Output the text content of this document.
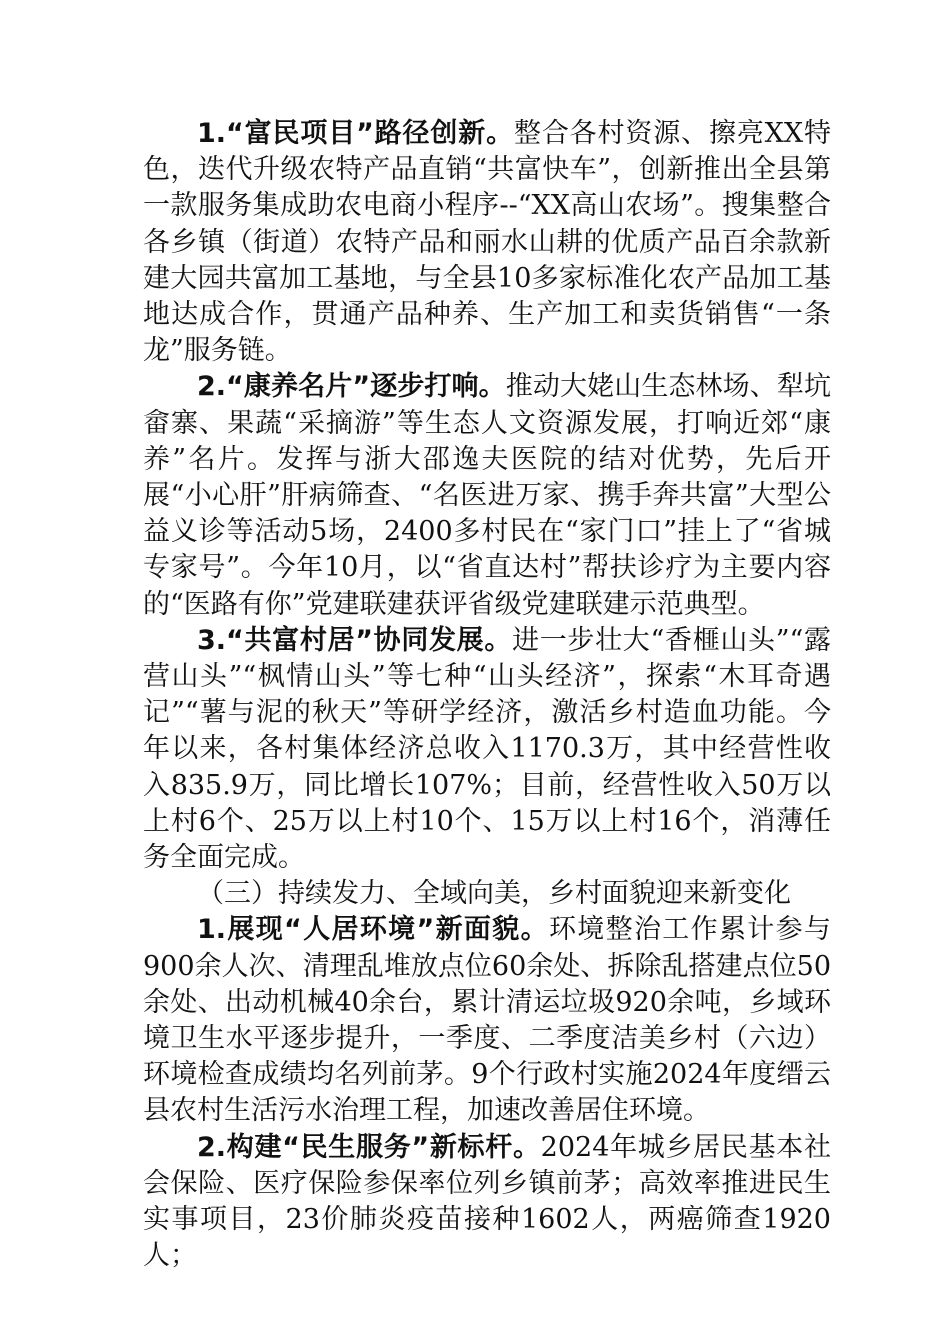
1.“富民项目”路径创新。整合各村资源、擦亮XX特色，迭代升级农特产品直销“共富快车”，创新推出全县第一款服务集成助农电商小程序--“XX高山农场”。搜集整合各乡镇（街道）农特产品和丽水山耕的优质产品百余款新建大园共富加工基地，与全县10多家标准化农产品加工基地达成合作，贯通产品种养、生产加工和卖货销售“一条龙”服务链。

2.“康养名片”逐步打响。推动大姥山生态林场、犁坑畲寨、果蔬“采摘游”等生态人文资源发展，打响近郊“康养”名片。发挥与浙大邵逸夫医院的结对优势，先后开展“小心肝”肝病筛查、“名医进万家、携手奔共富”大型公益义诊等活动5场，2400多村民在“家门口”挂上了“省城专家号”。今年10月，以“省直达村”帮扶诊疗为主要内容的“医路有你”党建联建获评省级党建联建示范典型。

3.“共富村居”协同发展。进一步壮大“香榧山头”“露营山头”“枫情山头”等七种“山头经济”，探索“木耳奇遇记”“薯与泥的秋天”等研学经济，激活乡村造血功能。今年以来，各村集体经济总收入1170.3万，其中经营性收入835.9万，同比增长107%；目前，经营性收入50万以上村6个、25万以上村10个、15万以上村16个，消薄任务全面完成。

（三）持续发力、全域向美，乡村面貌迎来新变化

1.展现“人居环境”新面貌。环境整治工作累计参与900余人次、清理乱堆放点位60余处、拆除乱搭建点位50余处、出动机械40余台，累计清运垃圾920余吨，乡域环境卫生水平逐步提升，一季度、二季度洁美乡村（六边）环境检查成绩均名列前茅。9个行政村实施2024年度缙云县农村生活污水治理工程，加速改善居住环境。

2.构建“民生服务”新标杆。2024年城乡居民基本社会保险、医疗保险参保率位列乡镇前茅；高效率推进民生实事项目，23价肺炎疫苗接种1602人，两癌筛查1920人；
